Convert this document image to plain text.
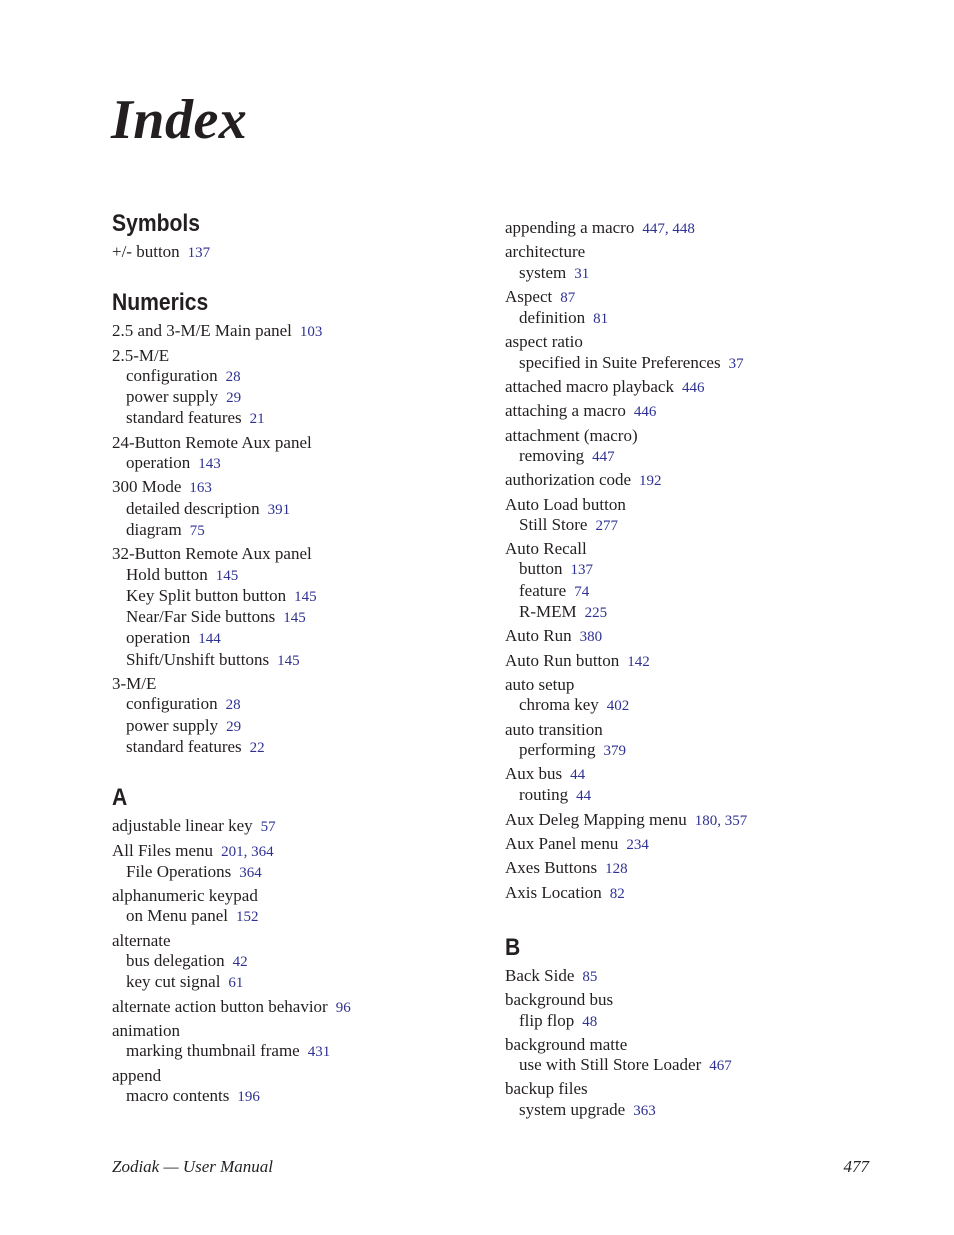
Index
Symbols
+/- button 137
Numerics
2.5 and 3-M/E Main panel 103
2.5-M/E
configuration 28
power supply 29
standard features 21
24-Button Remote Aux panel
operation 143
300 Mode 163
detailed description 391
diagram 75
32-Button Remote Aux panel
Hold button 145
Key Split button button 145
Near/Far Side buttons 145
operation 144
Shift/Unshift buttons 145
3-M/E
configuration 28
power supply 29
standard features 22
A
adjustable linear key 57
All Files menu 201, 364
File Operations 364
alphanumeric keypad
on Menu panel 152
alternate
bus delegation 42
key cut signal 61
alternate action button behavior 96
animation
marking thumbnail frame 431
append
macro contents 196
appending a macro 447, 448
architecture
system 31
Aspect 87
definition 81
aspect ratio
specified in Suite Preferences 37
attached macro playback 446
attaching a macro 446
attachment (macro)
removing 447
authorization code 192
Auto Load button
Still Store 277
Auto Recall
button 137
feature 74
R-MEM 225
Auto Run 380
Auto Run button 142
auto setup
chroma key 402
auto transition
performing 379
Aux bus 44
routing 44
Aux Deleg Mapping menu 180, 357
Aux Panel menu 234
Axes Buttons 128
Axis Location 82
B
Back Side 85
background bus
flip flop 48
background matte
use with Still Store Loader 467
backup files
system upgrade 363
Zodiak — User Manual	477
